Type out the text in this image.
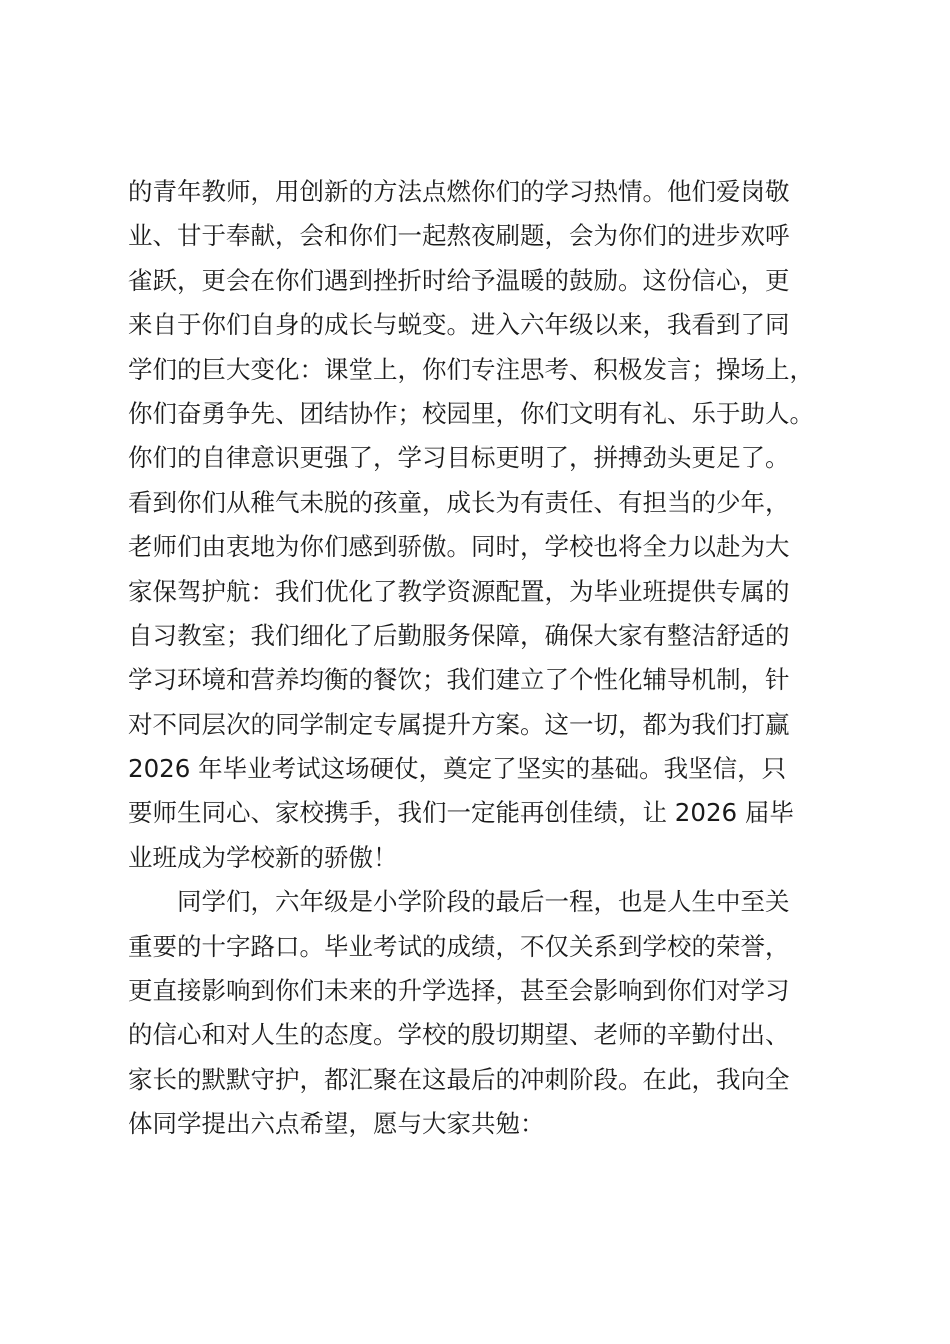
的青年教师，用创新的方法点燃你们的学习热情。他们爱岗敬
业、甘于奉献，会和你们一起熬夜刷题，会为你们的进步欢呼
雀跃，更会在你们遇到挫折时给予温暖的鼓励。这份信心，更
来自于你们自身的成长与蜕变。进入六年级以来，我看到了同
学们的巨大变化：课堂上，你们专注思考、积极发言；操场上，
你们奋勇争先、团结协作；校园里，你们文明有礼、乐于助人。
你们的自律意识更强了，学习目标更明了，拼搏劲头更足了。
看到你们从稚气未脱的孩童，成长为有责任、有担当的少年，
老师们由衷地为你们感到骄傲。同时，学校也将全力以赴为大
家保驾护航：我们优化了教学资源配置，为毕业班提供专属的
自习教室；我们细化了后勤服务保障，确保大家有整洁舒适的
学习环境和营养均衡的餐饮；我们建立了个性化辅导机制，针
对不同层次的同学制定专属提升方案。这一切，都为我们打赢
2026 年毕业考试这场硬仗，奠定了坚实的基础。我坚信，只
要师生同心、家校携手，我们一定能再创佳绩，让 2026 届毕
业班成为学校新的骄傲！
同学们，六年级是小学阶段的最后一程，也是人生中至关
重要的十字路口。毕业考试的成绩，不仅关系到学校的荣誉，
更直接影响到你们未来的升学选择，甚至会影响到你们对学习
的信心和对人生的态度。学校的殷切期望、老师的辛勤付出、
家长的默默守护，都汇聚在这最后的冲刺阶段。在此，我向全
体同学提出六点希望，愿与大家共勉：
